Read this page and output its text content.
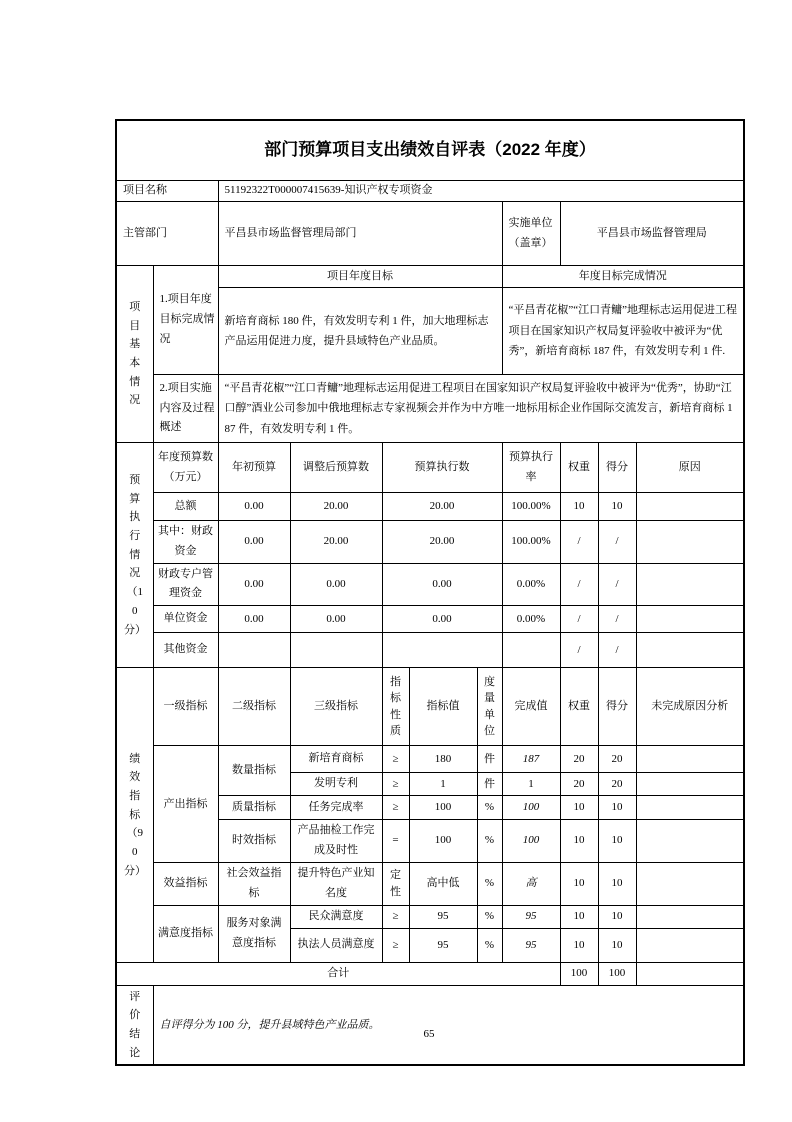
部门预算项目支出绩效自评表（2022 年度）										
项目名称		51192322T000007415639-知识产权专项资金								
主管部门		平昌县市场监督管理局部门					实施单位（盖章）	平昌县市场监督管理局		
项目基本情况	1.项目年度目标完成情况	项目年度目标					年度目标完成情况			
		新培育商标 180 件，有效发明专利 1 件，加大地理标志产品运用促进力度，提升县域特色产业品质。					“平昌青花椒”“江口青鳙”地理标志运用促进工程项目在国家知识产权局复评验收中被评为“优秀”，新培育商标 187 件，有效发明专利 1 件.			
	2.项目实施内容及过程概述	“平昌青花椒”“江口青鳙”地理标志运用促进工程项目在国家知识产权局复评验收中被评为“优秀”，协助“江口醇”酒业公司参加中俄地理标志专家视频会并作为中方唯一地标用标企业作国际交流发言，新培育商标 187 件，有效发明专利 1 件。								
预算执行情况（10分）	年度预算数（万元）	年初预算	调整后预算数	预算执行数			预算执行率	权重	得分	原因
	总额	0.00	20.00	20.00			100.00%	10	10	
	其中：财政资金	0.00	20.00	20.00			100.00%	/	/	
	财政专户管理资金	0.00	0.00	0.00			0.00%	/	/	
	单位资金	0.00	0.00	0.00			0.00%	/	/	
	其他资金							/	/	
绩效指标（90分）	一级指标	二级指标	三级指标	指标性质	指标值	度量单位	完成值	权重	得分	未完成原因分析
	产出指标	数量指标	新培育商标	≥	180	件	187	20	20	
			发明专利	≥	1	件	1	20	20	
		质量指标	任务完成率	≥	100	%	100	10	10	
		时效指标	产品抽检工作完成及时性	=	100	%	100	10	10	
	效益指标	社会效益指标	提升特色产业知名度	定性	高中低	%	高	10	10	
	满意度指标	服务对象满意度指标	民众满意度	≥	95	%	95	10	10	
			执法人员满意度	≥	95	%	95	10	10	
合计								100	100	
评价结论	自评得分为 100 分，提升县域特色产业品质。									
65
